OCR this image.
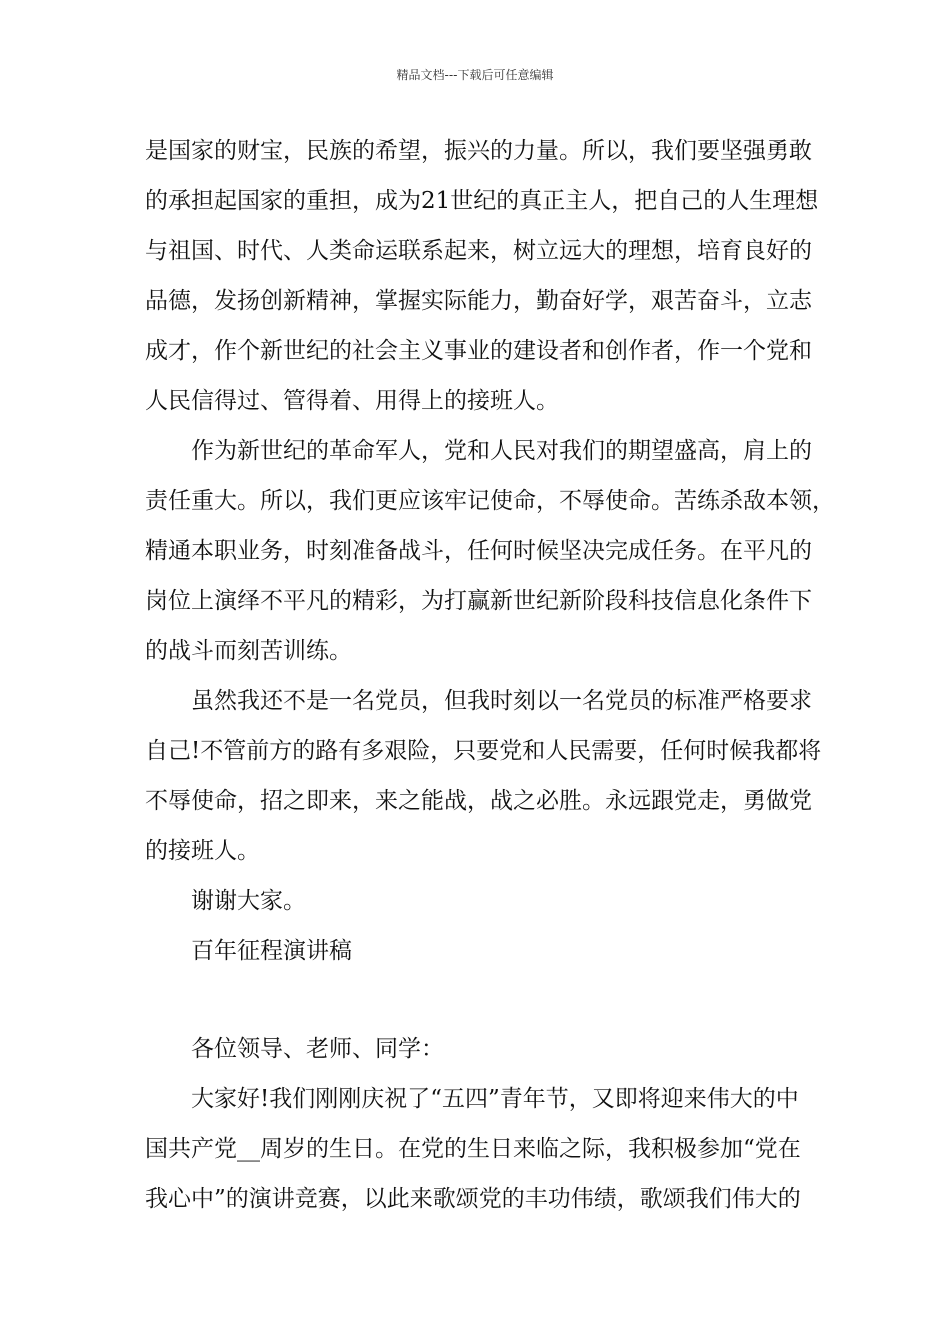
精品文档---下载后可任意编辑
是国家的财宝，民族的希望，振兴的力量。所以，我们要坚强勇敢
的承担起国家的重担，成为21世纪的真正主人，把自己的人生理想
与祖国、时代、人类命运联系起来，树立远大的理想，培育良好的
品德，发扬创新精神，掌握实际能力，勤奋好学，艰苦奋斗，立志
成才，作个新世纪的社会主义事业的建设者和创作者，作一个党和
人民信得过、管得着、用得上的接班人。
作为新世纪的革命军人，党和人民对我们的期望盛高，肩上的
责任重大。所以，我们更应该牢记使命，不辱使命。苦练杀敌本领，
精通本职业务，时刻准备战斗，任何时候坚决完成任务。在平凡的
岗位上演绎不平凡的精彩，为打赢新世纪新阶段科技信息化条件下
的战斗而刻苦训练。
虽然我还不是一名党员，但我时刻以一名党员的标准严格要求
自己!不管前方的路有多艰险，只要党和人民需要，任何时候我都将
不辱使命，招之即来，来之能战，战之必胜。永远跟党走，勇做党
的接班人。
谢谢大家。
百年征程演讲稿
各位领导、老师、同学：
大家好!我们刚刚庆祝了“五四”青年节，又即将迎来伟大的中
国共产党__周岁的生日。在党的生日来临之际，我积极参加“党在
我心中”的演讲竞赛，以此来歌颂党的丰功伟绩，歌颂我们伟大的
